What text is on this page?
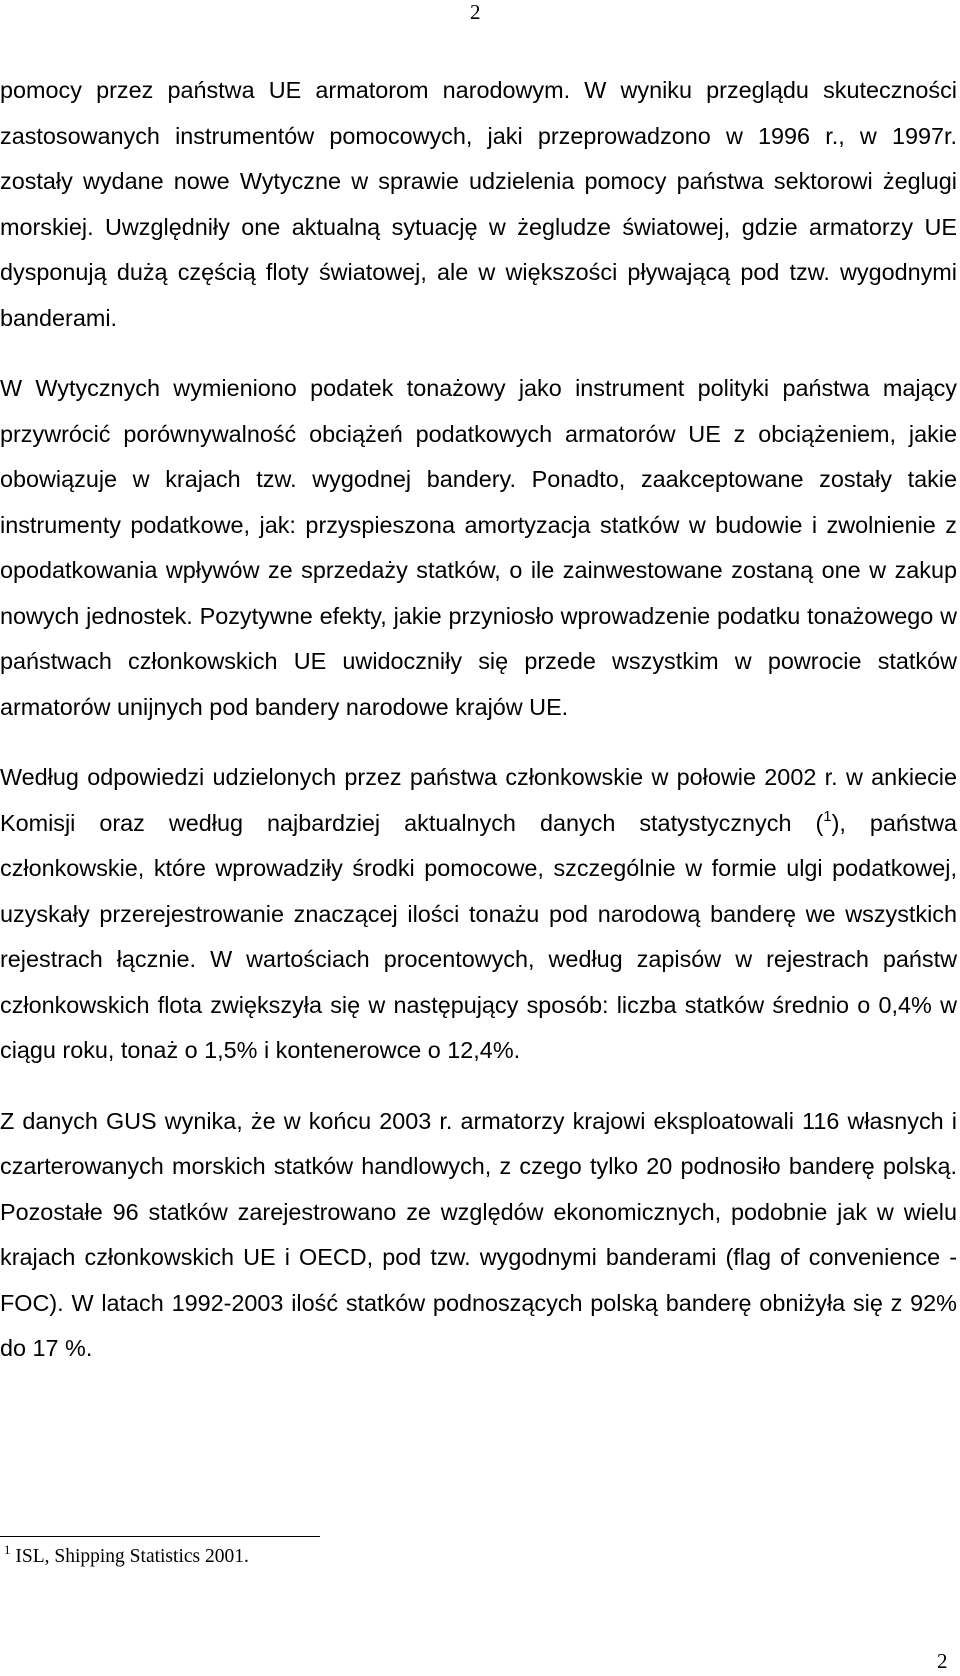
2

pomocy przez państwa UE armatorom narodowym. W wyniku przeglądu skuteczności zastosowanych instrumentów pomocowych, jaki przeprowadzono w 1996 r., w 1997r. zostały wydane nowe Wytyczne w sprawie udzielenia pomocy państwa sektorowi żeglugi morskiej. Uwzględniły one aktualną sytuację w żegludze światowej, gdzie armatorzy UE dysponują dużą częścią floty światowej, ale w większości pływającą pod tzw. wygodnymi banderami.

W Wytycznych wymieniono podatek tonażowy jako instrument polityki państwa mający przywrócić porównywalność obciążeń podatkowych armatorów UE z obciążeniem, jakie obowiązuje w krajach tzw. wygodnej bandery. Ponadto, zaakceptowane zostały takie instrumenty podatkowe, jak: przyspieszona amortyzacja statków w budowie i zwolnienie z opodatkowania wpływów ze sprzedaży statków, o ile zainwestowane zostaną one w zakup nowych jednostek. Pozytywne efekty, jakie przyniosło wprowadzenie podatku tonażowego w państwach członkowskich UE uwidoczniły się przede wszystkim w powrocie statków armatorów unijnych pod bandery narodowe krajów UE.

Według odpowiedzi udzielonych przez państwa członkowskie w połowie 2002 r. w ankiecie Komisji oraz według najbardziej aktualnych danych statystycznych ($^1$), państwa członkowskie, które wprowadziły środki pomocowe, szczególnie w formie ulgi podatkowej, uzyskały przerejestrowanie znaczącej ilości tonażu pod narodową banderę we wszystkich rejestrach łącznie. W wartościach procentowych, według zapisów w rejestrach państw członkowskich flota zwiększyła się w następujący sposób: liczba statków średnio o 0,4% w ciągu roku, tonaż o 1,5% i kontenerowce o 12,4%.

Z danych GUS wynika, że w końcu 2003 r. armatorzy krajowi eksploatowali 116 własnych i czarterowanych morskich statków handlowych, z czego tylko 20 podnosiło banderę polską. Pozostałe 96 statków zarejestrowano ze względów ekonomicznych, podobnie jak w wielu krajach członkowskich UE i OECD, pod tzw. wygodnymi banderami (flag of convenience - FOC). W latach 1992-2003 ilość statków podnoszących polską banderę obniżyła się z 92% do 17 %.

$^1$ ISL, Shipping Statistics 2001.
2
